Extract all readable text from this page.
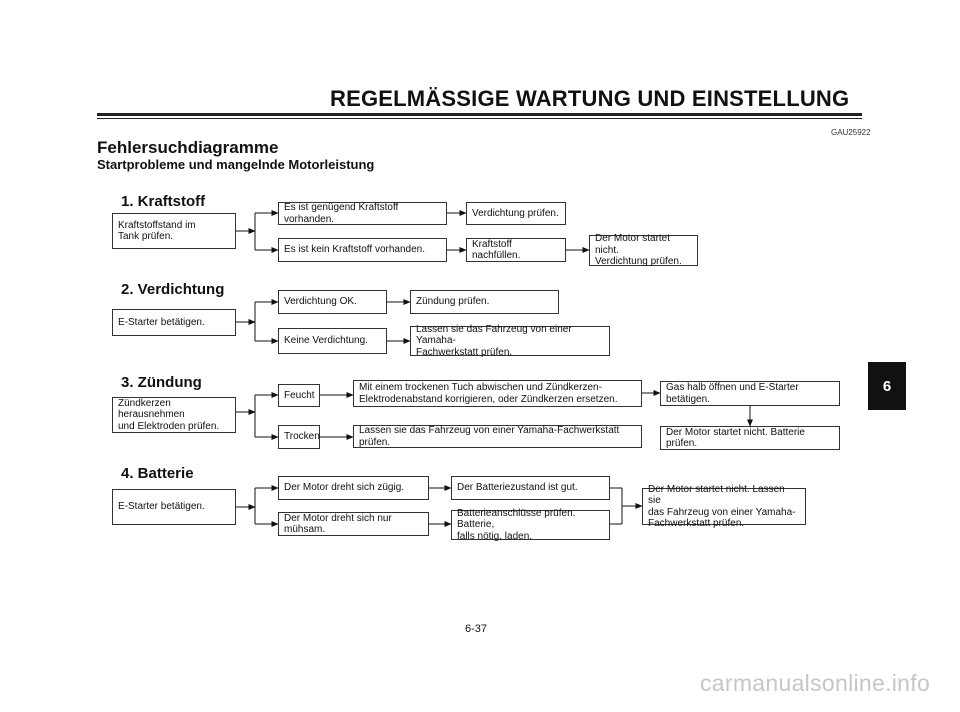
REGELMÄSSIGE WARTUNG UND EINSTELLUNG
GAU25922
Fehlersuchdiagramme
Startprobleme und mangelnde Motorleistung
1. Kraftstoff
Kraftstoffstand im
Tank prüfen.
Es ist genügend Kraftstoff vorhanden.
Verdichtung prüfen.
Es ist kein Kraftstoff vorhanden.
Kraftstoff nachfüllen.
Der Motor startet nicht.
Verdichtung prüfen.
2. Verdichtung
E-Starter betätigen.
Verdichtung OK.	Zündung prüfen.
Keine Verdichtung.
Lassen sie das Fahrzeug von einer Yamaha-
Fachwerkstatt prüfen.
3. Zündung
Zündkerzen herausnehmen
und Elektroden prüfen.
Feucht
Mit einem trockenen Tuch abwischen und Zündkerzen-
Elektrodenabstand korrigieren, oder Zündkerzen ersetzen.
Gas halb öffnen und E-Starter betätigen.
Der Motor startet nicht. Batterie prüfen.
Trocken
Lassen sie das Fahrzeug von einer Yamaha-Fachwerkstatt prüfen.
4. Batterie
E-Starter betätigen.
Der Motor dreht sich zügig.	Der Batteriezustand ist gut.
Der Motor dreht sich nur mühsam.
Batterieanschlüsse prüfen. Batterie,
falls nötig, laden.
Der Motor startet nicht. Lassen sie
das Fahrzeug von einer Yamaha-
Fachwerkstatt prüfen.
6
6-37
carmanualsonline.info
